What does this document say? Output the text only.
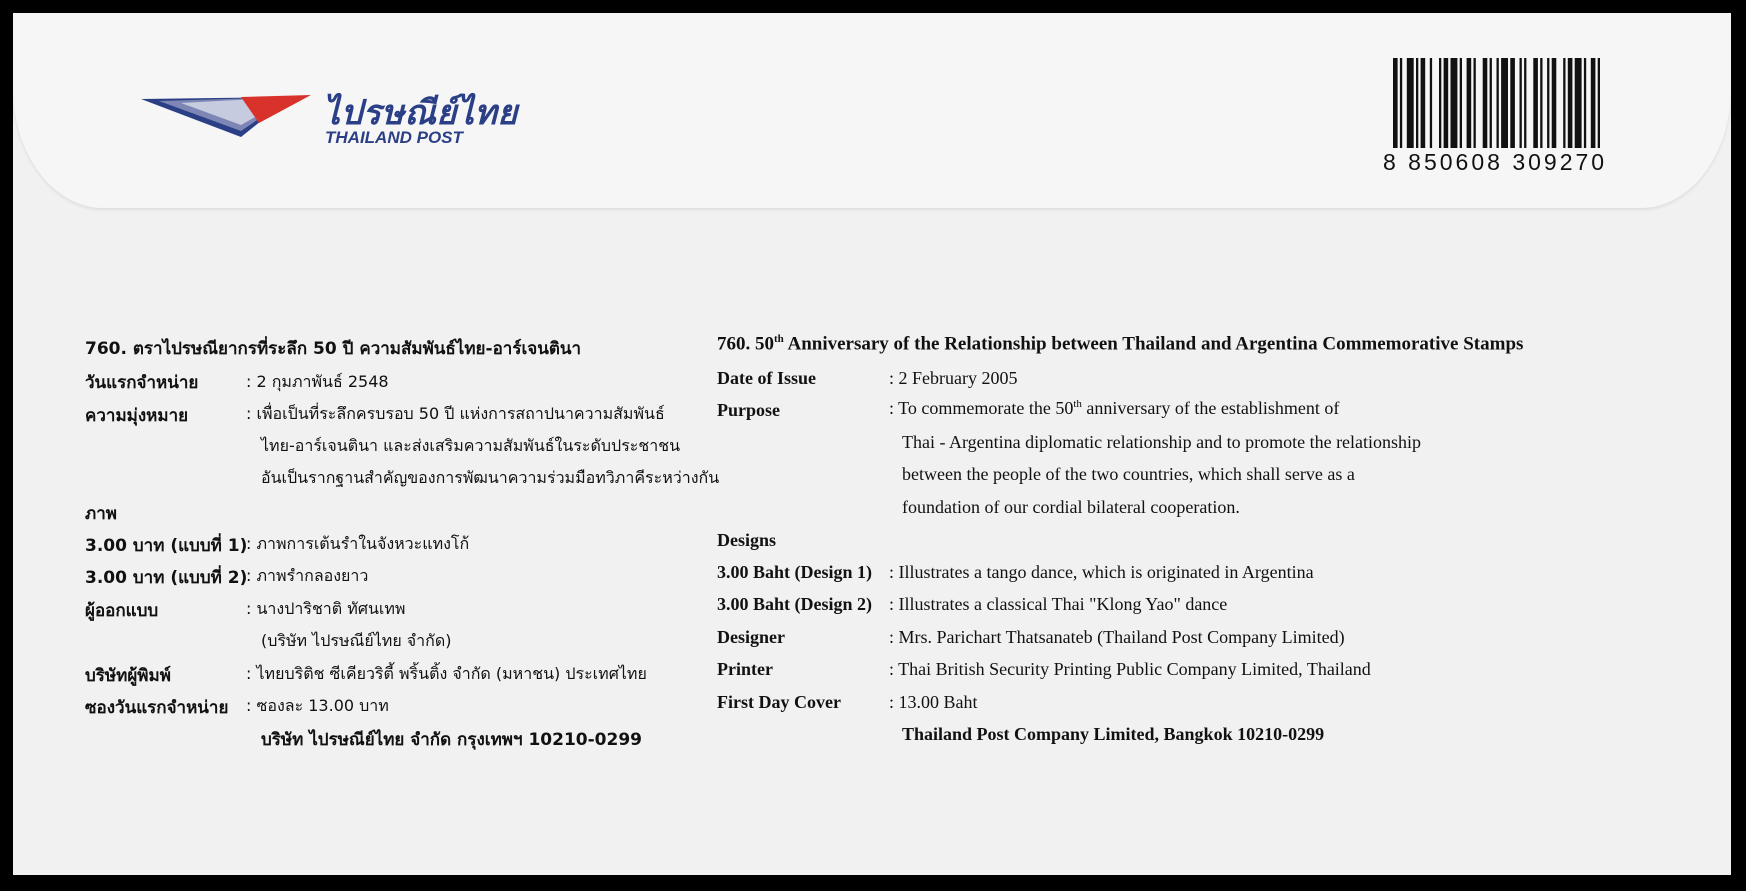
ไปรษณีย์ไทย
THAILAND POST
8 850608 309270
760. ตราไปรษณียากรที่ระลึก 50 ปี ความสัมพันธ์ไทย-อาร์เจนตินา
วันแรกจำหน่าย	: 2 กุมภาพันธ์ 2548
ความมุ่งหมาย	: เพื่อเป็นที่ระลึกครบรอบ 50 ปี แห่งการสถาปนาความสัมพันธ์
ไทย-อาร์เจนตินา และส่งเสริมความสัมพันธ์ในระดับประชาชน
อันเป็นรากฐานสำคัญของการพัฒนาความร่วมมือทวิภาคีระหว่างกัน
ภาพ
3.00 บาท (แบบที่ 1)
: ภาพการเต้นรำในจังหวะแทงโก้
3.00 บาท (แบบที่ 2)
: ภาพรำกลองยาว
ผู้ออกแบบ	: นางปาริชาติ ทัศนเทพ
(บริษัท ไปรษณีย์ไทย จำกัด)
บริษัทผู้พิมพ์	: ไทยบริติช ซีเคียวริตี้ พริ้นติ้ง จำกัด (มหาชน) ประเทศไทย
ซองวันแรกจำหน่าย : ซองละ 13.00 บาท
บริษัท ไปรษณีย์ไทย จำกัด กรุงเทพฯ 10210-0299
760. 50th Anniversary of the Relationship between Thailand and Argentina Commemorative Stamps
Date of Issue	: 2 February 2005
Purpose	: To commemorate the 50th anniversary of the establishment of
Thai - Argentina diplomatic relationship and to promote the relationship
between the people of the two countries, which shall serve as a
foundation of our cordial bilateral cooperation.
Designs
3.00 Baht (Design 1) : Illustrates a tango dance, which is originated in Argentina
3.00 Baht (Design 2) : Illustrates a classical Thai "Klong Yao" dance
Designer	: Mrs. Parichart Thatsanateb (Thailand Post Company Limited)
Printer	: Thai British Security Printing Public Company Limited, Thailand
First Day Cover	: 13.00 Baht
Thailand Post Company Limited, Bangkok 10210-0299
